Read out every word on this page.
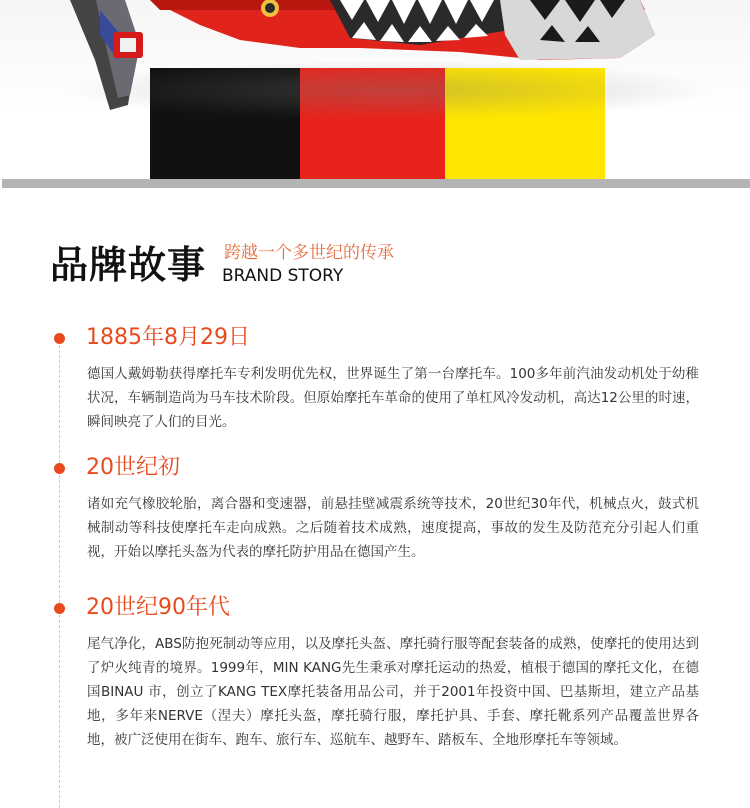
品牌故事 跨越一个多世纪的传承
BRAND STORY
1885年8月29日

德国人戴姆勒获得摩托车专利发明优先权，世界诞生了第一台摩托车。100多年前汽油发动机处于幼稚状况，车辆制造尚为马车技术阶段。但原始摩托车革命的使用了单杠风冷发动机，高达12公里的时速，瞬间映亮了人们的目光。

20世纪初

诸如充气橡胶轮胎，离合器和变速器，前悬挂壁减震系统等技术，20世纪30年代，机械点火，鼓式机械制动等科技使摩托车走向成熟。之后随着技术成熟，速度提高，事故的发生及防范充分引起人们重视，开始以摩托头盔为代表的摩托防护用品在德国产生。

20世纪90年代

尾气净化，ABS防抱死制动等应用，以及摩托头盔、摩托骑行服等配套装备的成熟，使摩托的使用达到了炉火纯青的境界。1999年，MIN KANG先生秉承对摩托运动的热爱，植根于德国的摩托文化，在德国BINAU 市，创立了KANG TEX摩托装备用品公司，并于2001年投资中国、巴基斯坦，建立产品基地，多年来NERVE（涅夫）摩托头盔，摩托骑行服，摩托护具、手套、摩托靴系列产品覆盖世界各地，被广泛使用在街车、跑车、旅行车、巡航车、越野车、踏板车、全地形摩托车等领域。
